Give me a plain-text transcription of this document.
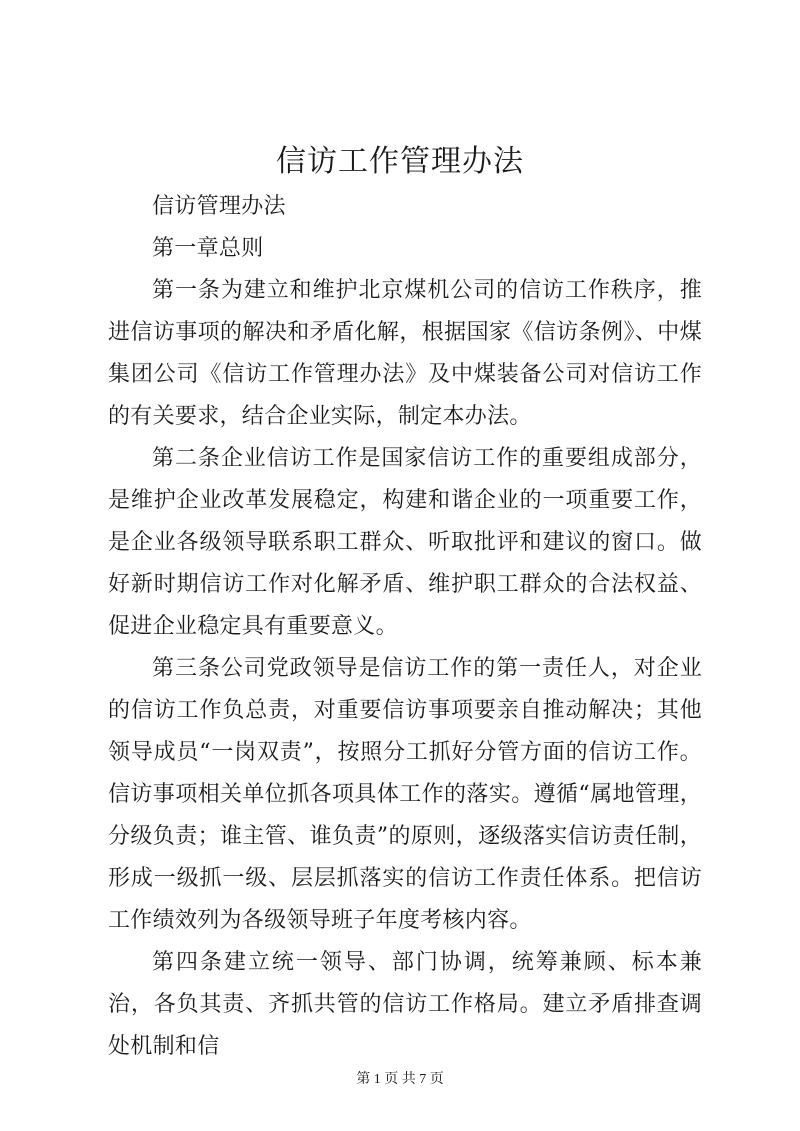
信访工作管理办法

信访管理办法

第一章总则

第一条为建立和维护北京煤机公司的信访工作秩序，推进信访事项的解决和矛盾化解，根据国家《信访条例》、中煤集团公司《信访工作管理办法》及中煤装备公司对信访工作的有关要求，结合企业实际，制定本办法。

第二条企业信访工作是国家信访工作的重要组成部分，是维护企业改革发展稳定，构建和谐企业的一项重要工作，是企业各级领导联系职工群众、听取批评和建议的窗口。做好新时期信访工作对化解矛盾、维护职工群众的合法权益、促进企业稳定具有重要意义。

第三条公司党政领导是信访工作的第一责任人，对企业的信访工作负总责，对重要信访事项要亲自推动解决；其他领导成员“一岗双责”，按照分工抓好分管方面的信访工作。信访事项相关单位抓各项具体工作的落实。遵循“属地管理，分级负责；谁主管、谁负责”的原则，逐级落实信访责任制，形成一级抓一级、层层抓落实的信访工作责任体系。把信访工作绩效列为各级领导班子年度考核内容。

第四条建立统一领导、部门协调，统筹兼顾、标本兼治，各负其责、齐抓共管的信访工作格局。建立矛盾排查调处机制和信

第 1 页 共 7 页
